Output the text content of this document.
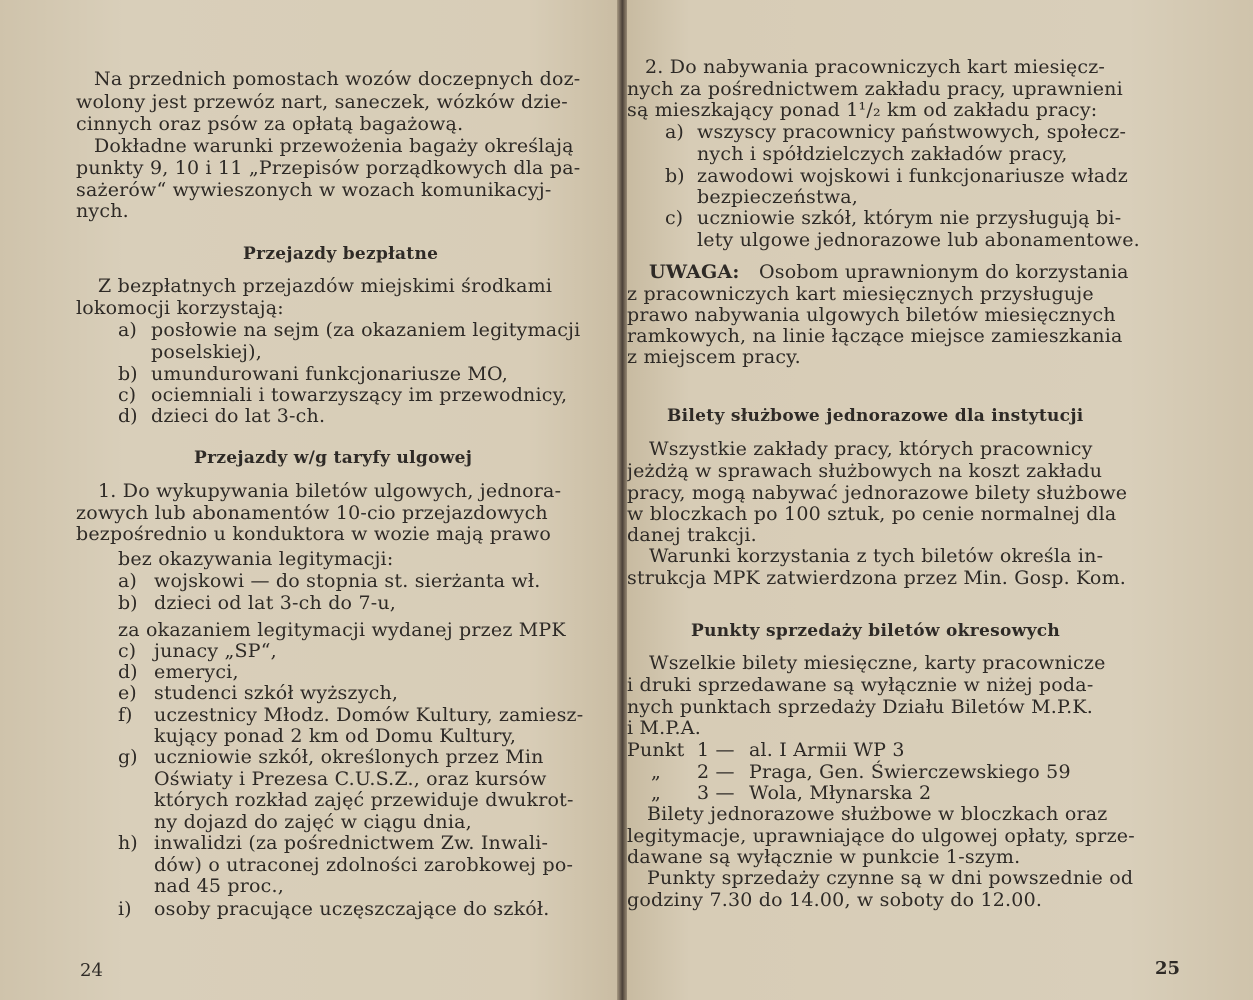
Na przednich pomostach wozów doczepnych doz-
wolony jest przewóz nart, saneczek, wózków dzie-
cinnych oraz psów za opłatą bagażową.
Dokładne warunki przewożenia bagaży określają
punkty 9, 10 i 11 „Przepisów porządkowych dla pa-
sażerów“ wywieszonych w wozach komunikacyj-
nych.
Przejazdy bezpłatne
Z bezpłatnych przejazdów miejskimi środkami
lokomocji korzystają:
a) posłowie na sejm (za okazaniem legitymacji
poselskiej),
b) umundurowani funkcjonariusze MO,
c) ociemniali i towarzyszący im przewodnicy,
d) dzieci do lat 3-ch.
Przejazdy w/g taryfy ulgowej
1. Do wykupywania biletów ulgowych, jednora-
zowych lub abonamentów 10-cio przejazdowych
bezpośrednio u konduktora w wozie mają prawo
bez okazywania legitymacji:
a) wojskowi — do stopnia st. sierżanta wł.
b) dzieci od lat 3-ch do 7-u,
za okazaniem legitymacji wydanej przez MPK
c) junacy „SP“,
d) emeryci,
e) studenci szkół wyższych,
f) uczestnicy Młodz. Domów Kultury, zamiesz-
kujący ponad 2 km od Domu Kultury,
g) uczniowie szkół, określonych przez Min
Oświaty i Prezesa C.U.S.Z., oraz kursów
których rozkład zajęć przewiduje dwukrot-
ny dojazd do zajęć w ciągu dnia,
h) inwalidzi (za pośrednictwem Zw. Inwali-
dów) o utraconej zdolności zarobkowej po-
nad 45 proc.,
i) osoby pracujące uczęszczające do szkół.
24
2. Do nabywania pracowniczych kart miesięcz-
nych za pośrednictwem zakładu pracy, uprawnieni
są mieszkający ponad 1¹/₂ km od zakładu pracy:
a) wszyscy pracownicy państwowych, społecz-
nych i spółdzielczych zakładów pracy,
b) zawodowi wojskowi i funkcjonariusze władz
bezpieczeństwa,
c) uczniowie szkół, którym nie przysługują bi-
lety ulgowe jednorazowe lub abonamentowe.
UWAGA: Osobom uprawnionym do korzystania
z pracowniczych kart miesięcznych przysługuje
prawo nabywania ulgowych biletów miesięcznych
ramkowych, na linie łączące miejsce zamieszkania
z miejscem pracy.
Bilety służbowe jednorazowe dla instytucji
Wszystkie zakłady pracy, których pracownicy
jeżdżą w sprawach służbowych na koszt zakładu
pracy, mogą nabywać jednorazowe bilety służbowe
w bloczkach po 100 sztuk, po cenie normalnej dla
danej trakcji.
Warunki korzystania z tych biletów określa in-
strukcja MPK zatwierdzona przez Min. Gosp. Kom.
Punkty sprzedaży biletów okresowych
Wszelkie bilety miesięczne, karty pracownicze
i druki sprzedawane są wyłącznie w niżej poda-
nych punktach sprzedaży Działu Biletów M.P.K.
i M.P.A.
Punkt 1 — al. I Armii WP 3
„ 2 — Praga, Gen. Świerczewskiego 59
„ 3 — Wola, Młynarska 2
Bilety jednorazowe służbowe w bloczkach oraz
legitymacje, uprawniające do ulgowej opłaty, sprze-
dawane są wyłącznie w punkcie 1-szym.
Punkty sprzedaży czynne są w dni powszednie od
godziny 7.30 do 14.00, w soboty do 12.00.
25
